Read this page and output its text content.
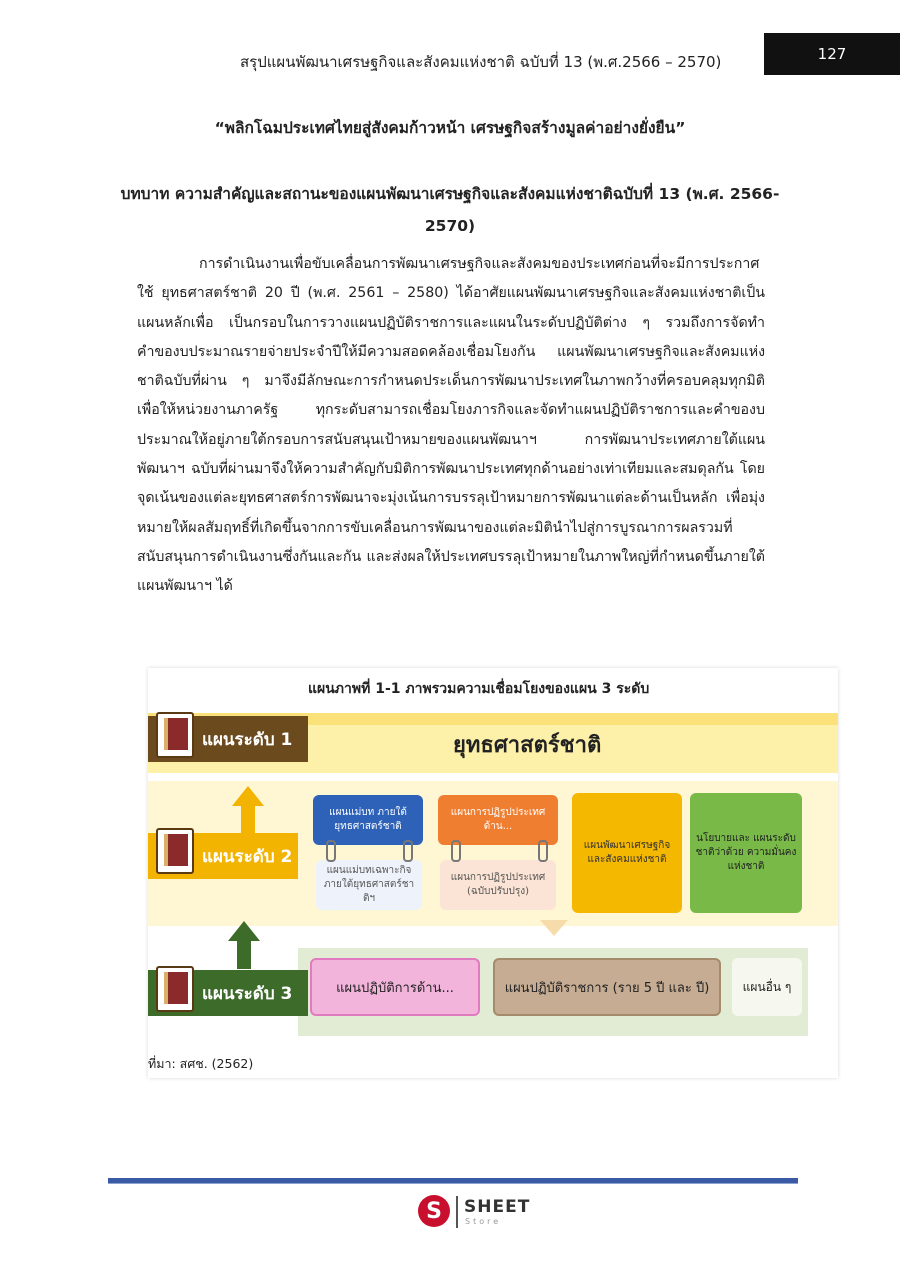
สรุปแผนพัฒนาเศรษฐกิจและสังคมแห่งชาติ ฉบับที่ 13 (พ.ศ.2566 – 2570)	127
“พลิกโฉมประเทศไทยสู่สังคมก้าวหน้า เศรษฐกิจสร้างมูลค่าอย่างยั่งยืน”
บทบาท ความสำคัญและสถานะของแผนพัฒนาเศรษฐกิจและสังคมแห่งชาติฉบับที่ 13 (พ.ศ. 2566-2570)

การดำเนินงานเพื่อขับเคลื่อนการพัฒนาเศรษฐกิจและสังคมของประเทศก่อนที่จะมีการประกาศใช้ ยุทธศาสตร์ชาติ 20 ปี (พ.ศ. 2561 – 2580) ได้อาศัยแผนพัฒนาเศรษฐกิจและสังคมแห่งชาติเป็นแผนหลักเพื่อ เป็นกรอบในการวางแผนปฏิบัติราชการและแผนในระดับปฏิบัติต่าง ๆ รวมถึงการจัดทำคำของบประมาณรายจ่ายประจำปีให้มีความสอดคล้องเชื่อมโยงกัน แผนพัฒนาเศรษฐกิจและสังคมแห่งชาติฉบับที่ผ่าน ๆ มาจึงมีลักษณะการกำหนดประเด็นการพัฒนาประเทศในภาพกว้างที่ครอบคลุมทุกมิติ เพื่อให้หน่วยงานภาครัฐ ทุกระดับสามารถเชื่อมโยงภารกิจและจัดทำแผนปฏิบัติราชการและคำของบประมาณให้อยู่ภายใต้กรอบการสนับสนุนเป้าหมายของแผนพัฒนาฯ การพัฒนาประเทศภายใต้แผนพัฒนาฯ ฉบับที่ผ่านมาจึงให้ความสำคัญกับมิติการพัฒนาประเทศทุกด้านอย่างเท่าเทียมและสมดุลกัน โดยจุดเน้นของแต่ละยุทธศาสตร์การพัฒนาจะมุ่งเน้นการบรรลุเป้าหมายการพัฒนาแต่ละด้านเป็นหลัก เพื่อมุ่งหมายให้ผลสัมฤทธิ์ที่เกิดขึ้นจากการขับเคลื่อนการพัฒนาของแต่ละมิตินำไปสู่การบูรณาการผลรวมที่สนับสนุนการดำเนินงานซึ่งกันและกัน และส่งผลให้ประเทศบรรลุเป้าหมายในภาพใหญ่ที่กำหนดขึ้นภายใต้แผนพัฒนาฯ ได้

แผนภาพที่ 1-1 ภาพรวมความเชื่อมโยงของแผน 3 ระดับ
แผนระดับ 1
แผนระดับ 2
แผนระดับ 3
ยุทธศาสตร์ชาติ
แผนแม่บท ภายใต้ยุทธศาสตร์ชาติ
แผนแม่บทเฉพาะกิจ ภายใต้ยุทธศาสตร์ชาติฯ
แผนการปฏิรูปประเทศ ด้าน...
แผนการปฏิรูปประเทศ (ฉบับปรับปรุง)
แผนพัฒนาเศรษฐกิจ และสังคมแห่งชาติ
นโยบายและ แผนระดับชาติว่าด้วย ความมั่นคงแห่งชาติ
แผนปฏิบัติการด้าน...	แผนปฏิบัติราชการ (ราย 5 ปี และ ปี)	แผนอื่น ๆ
ที่มา: สศช. (2562)
S	SHEET
Store
